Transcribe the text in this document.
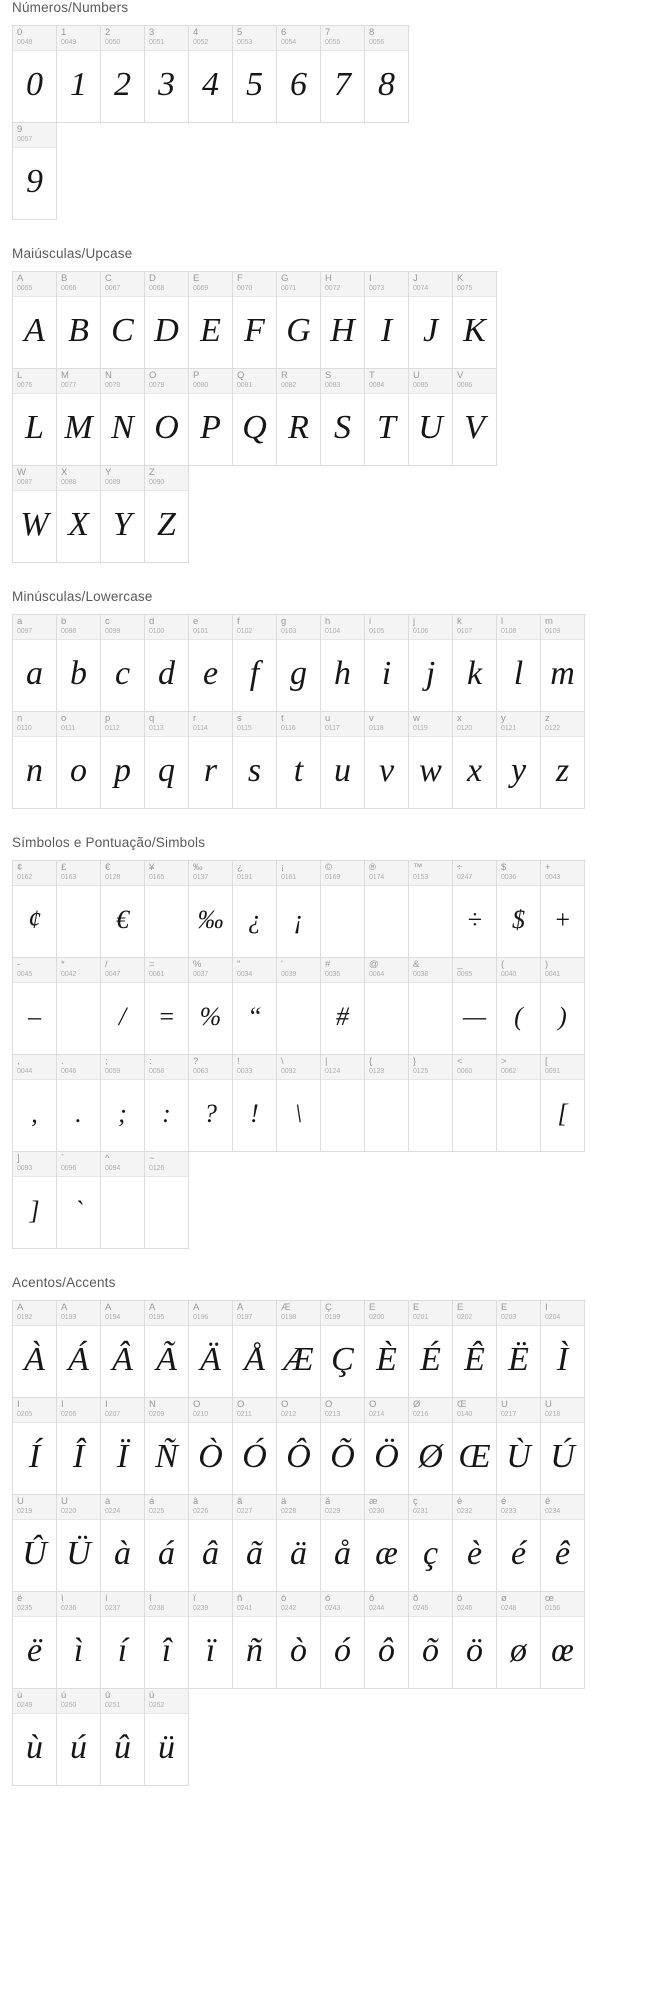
Números/Numbers
0
0048
0
1
0049
1
2
0050
2
3
0051
3
4
0052
4
5
0053
5
6
0054
6
7
0055
7
8
0056
8
9
0057
9
Maiúsculas/Upcase
A
0065
A
B
0066
B
C
0067
C
D
0068
D
E
0069
E
F
0070
F
G
0071
G
H
0072
H
I
0073
I
J
0074
J
K
0075
K
L
0076
L
M
0077
M
N
0078
N
O
0079
O
P
0080
P
Q
0081
Q
R
0082
R
S
0083
S
T
0084
T
U
0085
U
V
0086
V
W
0087
W
X
0088
X
Y
0089
Y
Z
0090
Z
Minúsculas/Lowercase
a
0097
a
b
0098
b
c
0099
c
d
0100
d
e
0101
e
f
0102
f
g
0103
g
h
0104
h
i
0105
i
j
0106
j
k
0107
k
l
0108
l
m
0109
m
n
0110
n
o
0111
o
p
0112
p
q
0113
q
r
0114
r
s
0115
s
t
0116
t
u
0117
u
v
0118
v
w
0119
w
x
0120
x
y
0121
y
z
0122
z
Símbolos e Pontuação/Simbols
¢
0162
¢
£
0163
€
0128
€
¥
0165
‰
0137
‰
¿
0191
¿
¡
0161
¡
©
0169
®
0174
™
0153
÷
0247
÷
$
0036
$
+
0043
+
-
0045
–
*
0042
/
0047
/
=
0061
=
%
0037
%
"
0034
“
'
0039
#
0035
#
@
0064
&
0038
_
0095
—
(
0040
(
)
0041
)
,
0044
,
.
0046
.
;
0059
;
:
0058
:
?
0063
?
!
0033
!
\
0092
\
|
0124
{
0123
}
0125
<
0060
>
0062
[
0091
[
]
0093
]
`
0096
`
^
0094
~
0126
Acentos/Accents
À
0192
À
Á
0193
Á
Â
0194
Â
Ã
0195
Ã
Ä
0196
Ä
Å
0197
Å
Æ
0198
Æ
Ç
0199
Ç
È
0200
È
É
0201
É
Ê
0202
Ê
Ë
0203
Ë
Ì
0204
Ì
Í
0205
Í
Î
0206
Î
Ï
0207
Ï
Ñ
0209
Ñ
Ò
0210
Ò
Ó
0211
Ó
Ô
0212
Ô
Õ
0213
Õ
Ö
0214
Ö
Ø
0216
Ø
Œ
0140
Œ
Ù
0217
Ù
Ú
0218
Ú
Û
0219
Û
Ü
0220
Ü
à
0224
à
á
0225
á
â
0226
â
ã
0227
ã
ä
0228
ä
å
0229
å
æ
0230
æ
ç
0231
ç
è
0232
è
é
0233
é
ê
0234
ê
ë
0235
ë
ì
0236
ì
í
0237
í
î
0238
î
ï
0239
ï
ñ
0241
ñ
ò
0242
ò
ó
0243
ó
ô
0244
ô
õ
0245
õ
ö
0246
ö
ø
0248
ø
œ
0156
œ
ù
0249
ù
ú
0250
ú
û
0251
û
ü
0252
ü
